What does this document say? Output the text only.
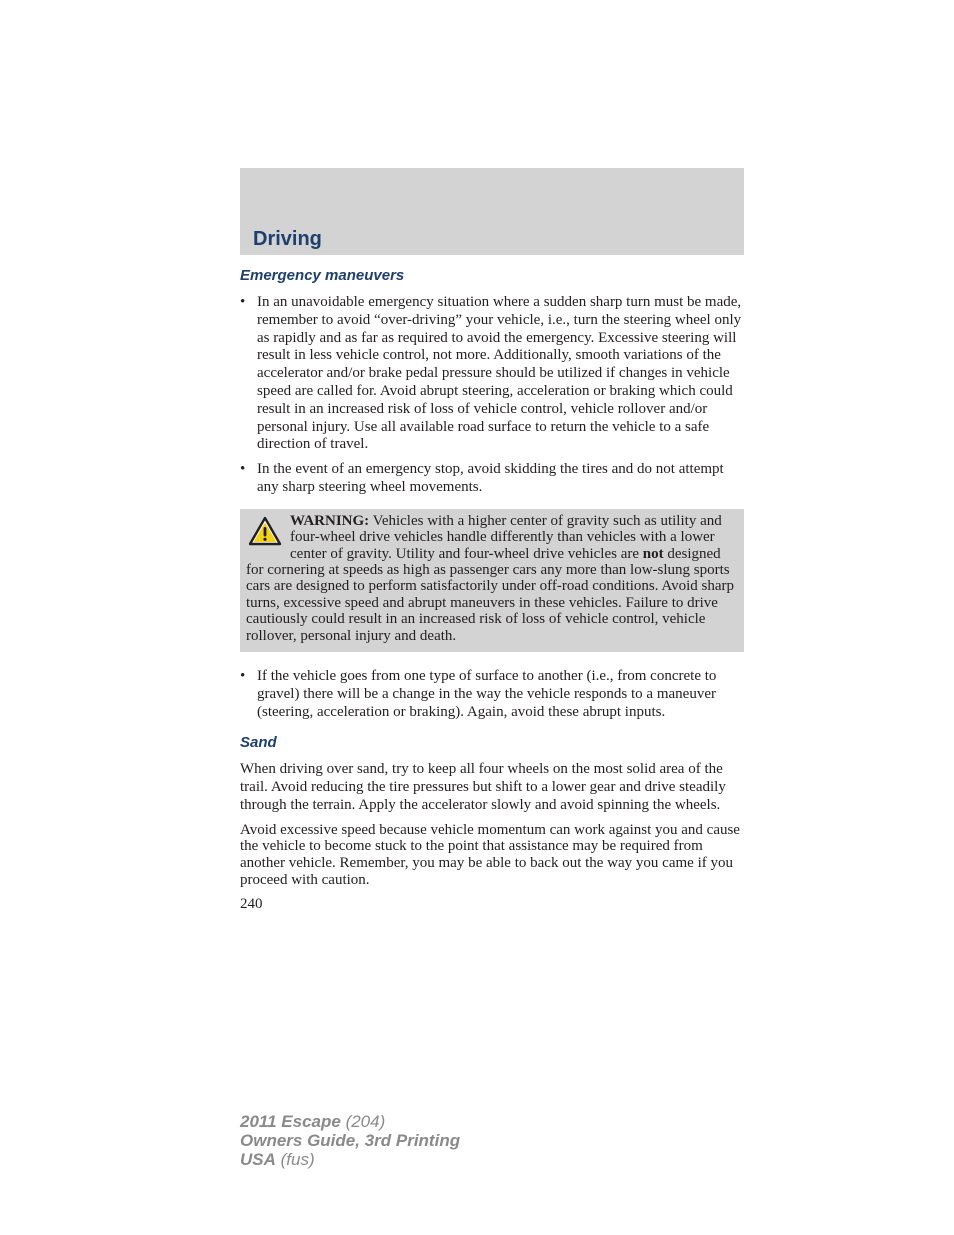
Driving
Emergency maneuvers
• In an unavoidable emergency situation where a sudden sharp turn must be made, remember to avoid “over-driving” your vehicle, i.e., turn the steering wheel only as rapidly and as far as required to avoid the emergency. Excessive steering will result in less vehicle control, not more. Additionally, smooth variations of the accelerator and/or brake pedal pressure should be utilized if changes in vehicle speed are called for. Avoid abrupt steering, acceleration or braking which could result in an increased risk of loss of vehicle control, vehicle rollover and/or personal injury. Use all available road surface to return the vehicle to a safe direction of travel.
• In the event of an emergency stop, avoid skidding the tires and do not attempt any sharp steering wheel movements.
WARNING: Vehicles with a higher center of gravity such as utility and four-wheel drive vehicles handle differently than vehicles with a lower center of gravity. Utility and four-wheel drive vehicles are not designed for cornering at speeds as high as passenger cars any more than low-slung sports cars are designed to perform satisfactorily under off-road conditions. Avoid sharp turns, excessive speed and abrupt maneuvers in these vehicles. Failure to drive cautiously could result in an increased risk of loss of vehicle control, vehicle rollover, personal injury and death.
• If the vehicle goes from one type of surface to another (i.e., from concrete to gravel) there will be a change in the way the vehicle responds to a maneuver (steering, acceleration or braking). Again, avoid these abrupt inputs.
Sand

When driving over sand, try to keep all four wheels on the most solid area of the trail. Avoid reducing the tire pressures but shift to a lower gear and drive steadily through the terrain. Apply the accelerator slowly and avoid spinning the wheels.

Avoid excessive speed because vehicle momentum can work against you and cause the vehicle to become stuck to the point that assistance may be required from another vehicle. Remember, you may be able to back out the way you came if you proceed with caution.

240
2011 Escape (204)
Owners Guide, 3rd Printing
USA (fus)
